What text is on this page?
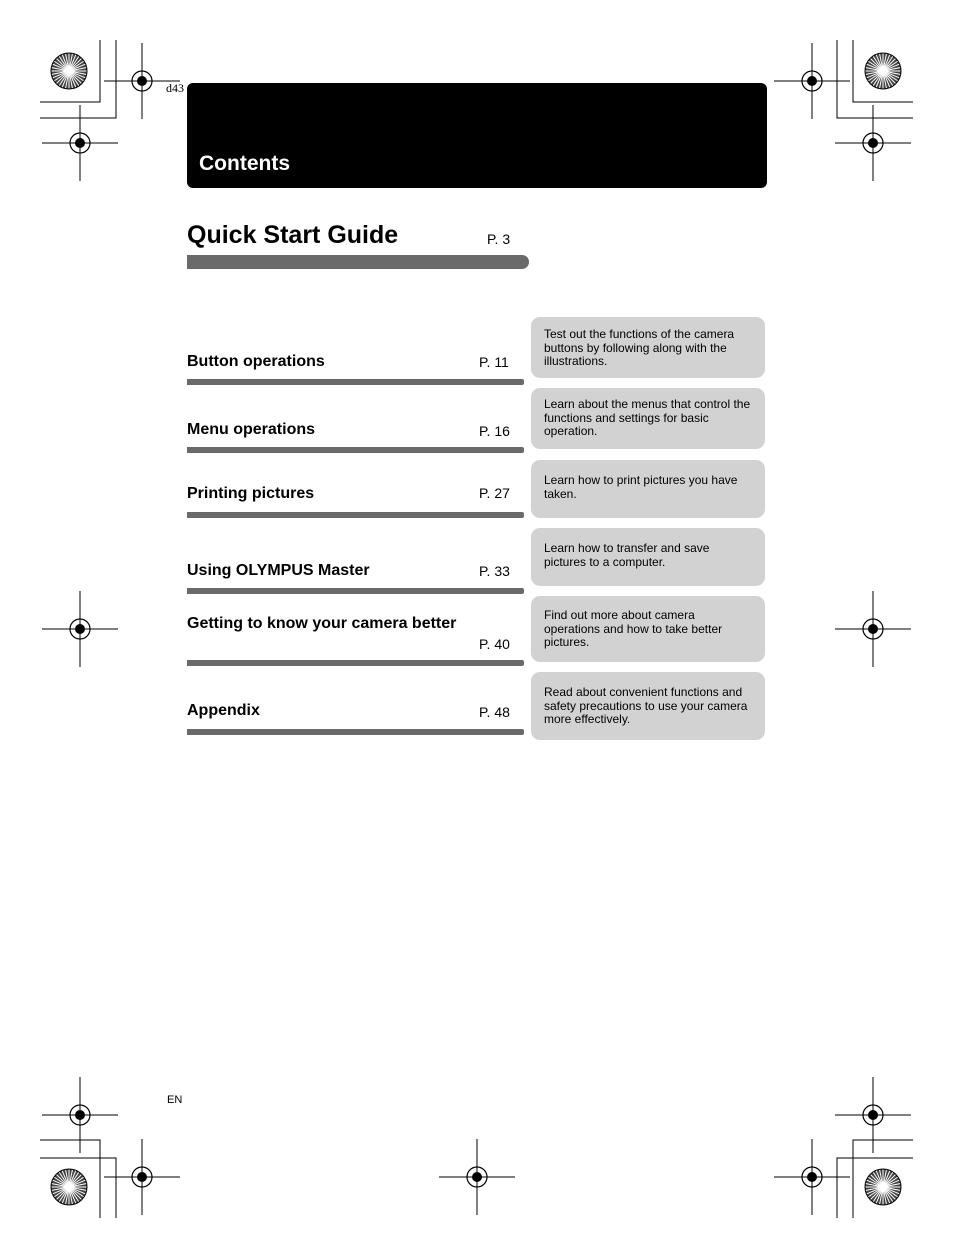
d43
Contents
Quick Start Guide	P. 3
Button operations	P. 11
Test out the functions of the camera buttons by following along with the illustrations.
Menu operations	P. 16
Learn about the menus that control the functions and settings for basic operation.
Printing pictures	P. 27
Learn how to print pictures you have taken.
Using OLYMPUS Master	P. 33
Learn how to transfer and save pictures to a computer.
Getting to know your camera better
P. 40
Find out more about camera operations and how to take better pictures.
Appendix	P. 48
Read about convenient functions and safety precautions to use your camera more effectively.
EN
